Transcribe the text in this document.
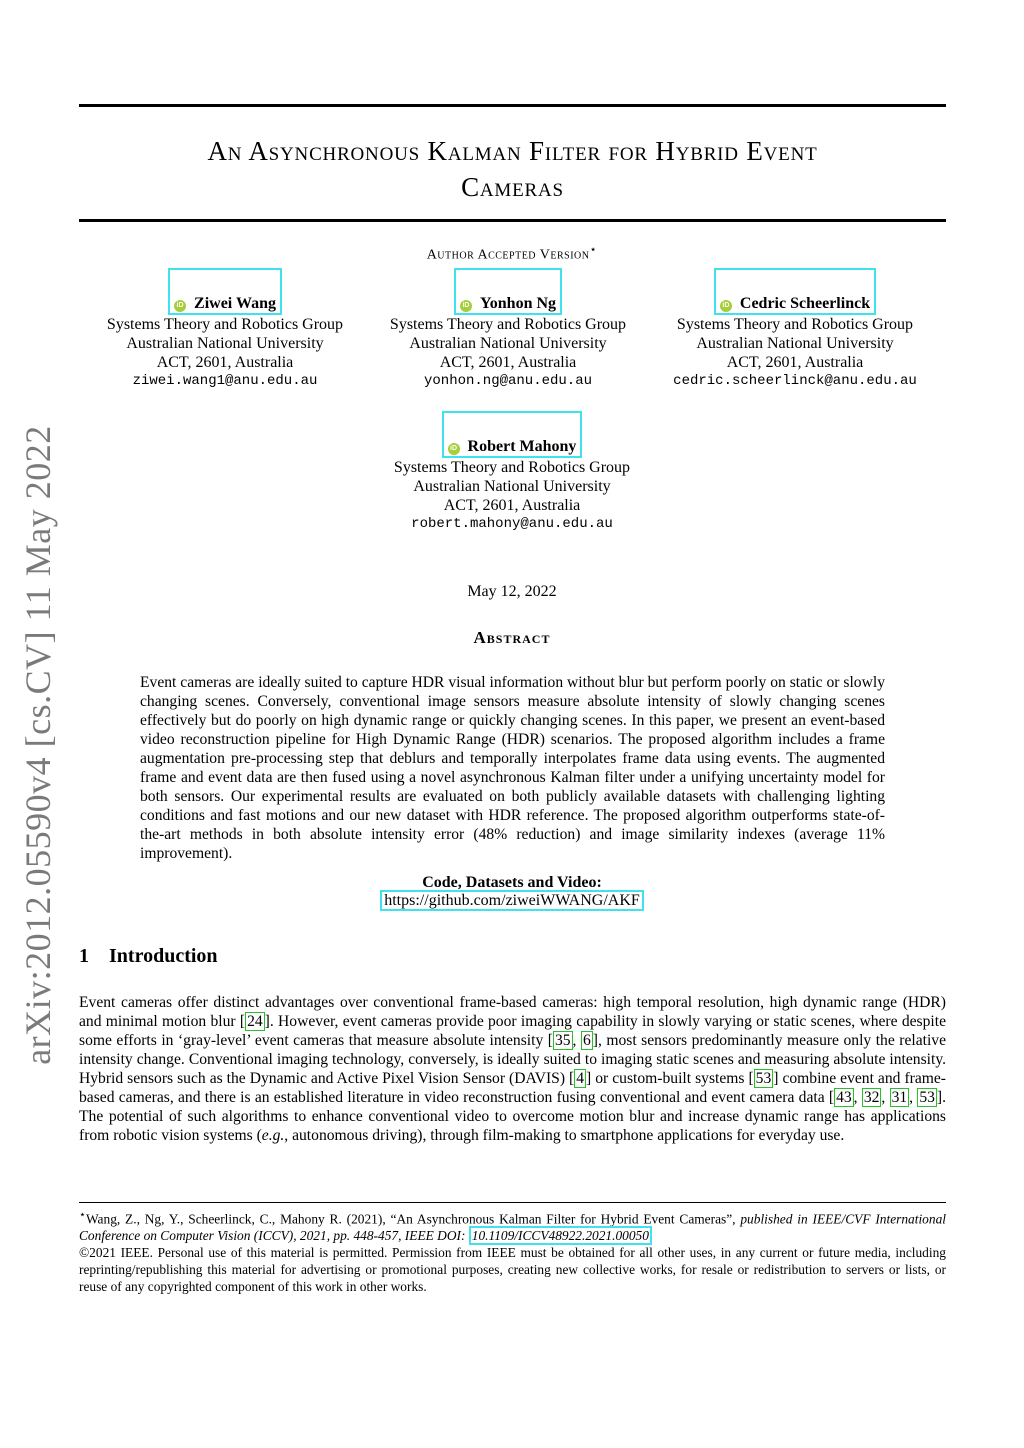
arXiv:2012.05590v4 [cs.CV] 11 May 2022
An Asynchronous Kalman Filter for Hybrid Event
Cameras
Author Accepted Version⋆
iD Ziwei Wang
Systems Theory and Robotics Group
Australian National University
ACT, 2601, Australia
ziwei.wang1@anu.edu.au
iD Yonhon Ng
Systems Theory and Robotics Group
Australian National University
ACT, 2601, Australia
yonhon.ng@anu.edu.au
iD Cedric Scheerlinck
Systems Theory and Robotics Group
Australian National University
ACT, 2601, Australia
cedric.scheerlinck@anu.edu.au
iD Robert Mahony
Systems Theory and Robotics Group
Australian National University
ACT, 2601, Australia
robert.mahony@anu.edu.au
May 12, 2022
Abstract
Event cameras are ideally suited to capture HDR visual information without blur but perform poorly on static or slowly changing scenes. Conversely, conventional image sensors measure absolute intensity of slowly changing scenes effectively but do poorly on high dynamic range or quickly changing scenes. In this paper, we present an event-based video reconstruction pipeline for High Dynamic Range (HDR) scenarios. The proposed algorithm includes a frame augmentation pre-processing step that deblurs and temporally interpolates frame data using events. The augmented frame and event data are then fused using a novel asynchronous Kalman filter under a unifying uncertainty model for both sensors. Our experimental results are evaluated on both publicly available datasets with challenging lighting conditions and fast motions and our new dataset with HDR reference. The proposed algorithm outperforms state-of-the-art methods in both absolute intensity error (48% reduction) and image similarity indexes (average 11% improvement).
Code, Datasets and Video:
https://github.com/ziweiWWANG/AKF
1 Introduction
Event cameras offer distinct advantages over conventional frame-based cameras: high temporal resolution, high dynamic range (HDR) and minimal motion blur [ 24 ]. However, event cameras provide poor imaging capability in slowly varying or static scenes, where despite some efforts in ‘gray-level’ event cameras that measure absolute intensity [ 35 , 6 ], most sensors predominantly measure only the relative intensity change. Conventional imaging technology, conversely, is ideally suited to imaging static scenes and measuring absolute intensity. Hybrid sensors such as the Dynamic and Active Pixel Vision Sensor (DAVIS) [ 4 ] or custom-built systems [ 53 ] combine event and frame-based cameras, and there is an established literature in video reconstruction fusing conventional and event camera data [ 43 , 32 , 31 , 53 ]. The potential of such algorithms to enhance conventional video to overcome motion blur and increase dynamic range has applications from robotic vision systems (e.g., autonomous driving), through film-making to smartphone applications for everyday use.
⋆Wang, Z., Ng, Y., Scheerlinck, C., Mahony R. (2021), “An Asynchronous Kalman Filter for Hybrid Event Cameras”, published in IEEE/CVF International Conference on Computer Vision (ICCV), 2021, pp. 448-457, IEEE DOI: 10.1109/ICCV48922.2021.00050
©2021 IEEE. Personal use of this material is permitted. Permission from IEEE must be obtained for all other uses, in any current or future media, including reprinting/republishing this material for advertising or promotional purposes, creating new collective works, for resale or redistribution to servers or lists, or reuse of any copyrighted component of this work in other works.
